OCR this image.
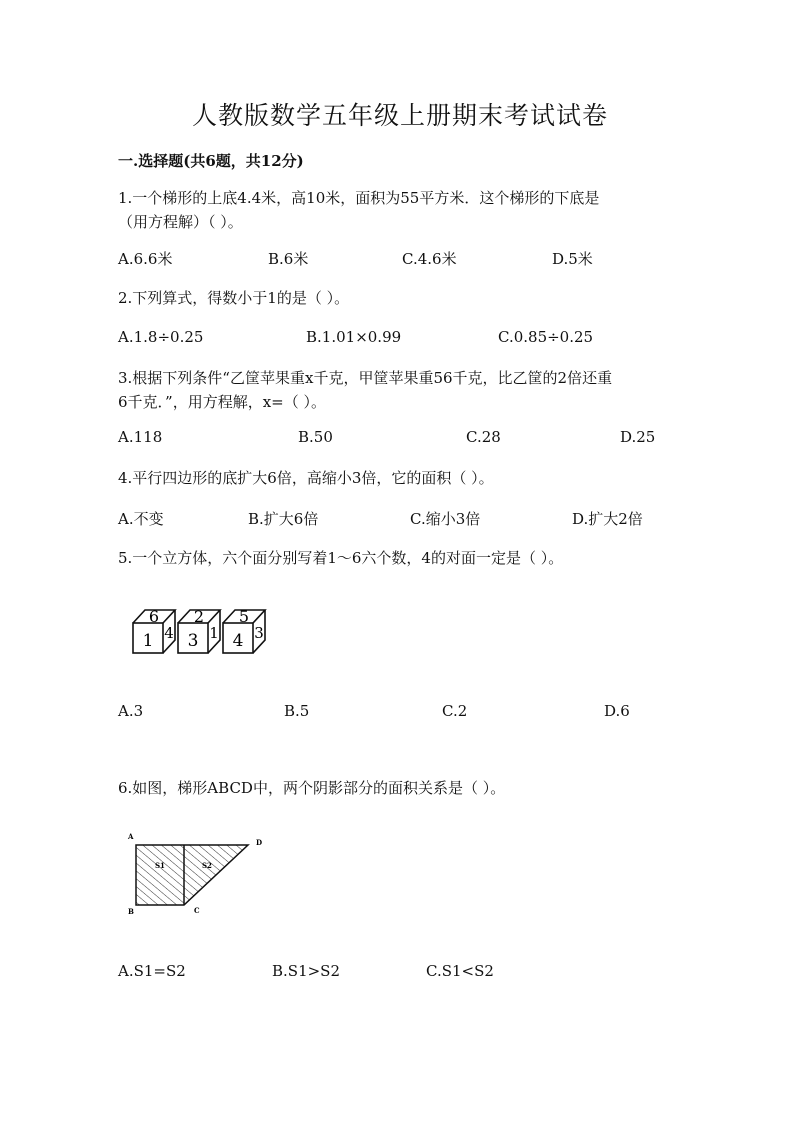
人教版数学五年级上册期末考试试卷
一.选择题(共6题，共12分)
1.一个梯形的上底4.4米，高10米，面积为55平方米．这个梯形的下底是
（用方程解）（ ）。
A.6.6米	B.6米	C.4.6米	D.5米
2.下列算式，得数小于1的是（ ）。
A.1.8÷0.25	B.1.01×0.99	C.0.85÷0.25
3.根据下列条件“乙筐苹果重x千克，甲筐苹果重56千克，比乙筐的2倍还重
6千克．”，用方程解，x=（ ）。
A.118	B.50	C.28	D.25
4.平行四边形的底扩大6倍，高缩小3倍，它的面积（ ）。
A.不变	B.扩大6倍	C.缩小3倍	D.扩大2倍
5.一个立方体，六个面分别写着1～6六个数，4的对面一定是（ ）。
6
1 4
2
3 1
5
4 3
A.3	B.5	C.2	D.6
6.如图，梯形ABCD中，两个阴影部分的面积关系是（ ）。
A
B	C
D
S1	S2
A.S1=S2	B.S1>S2	C.S1<S2
